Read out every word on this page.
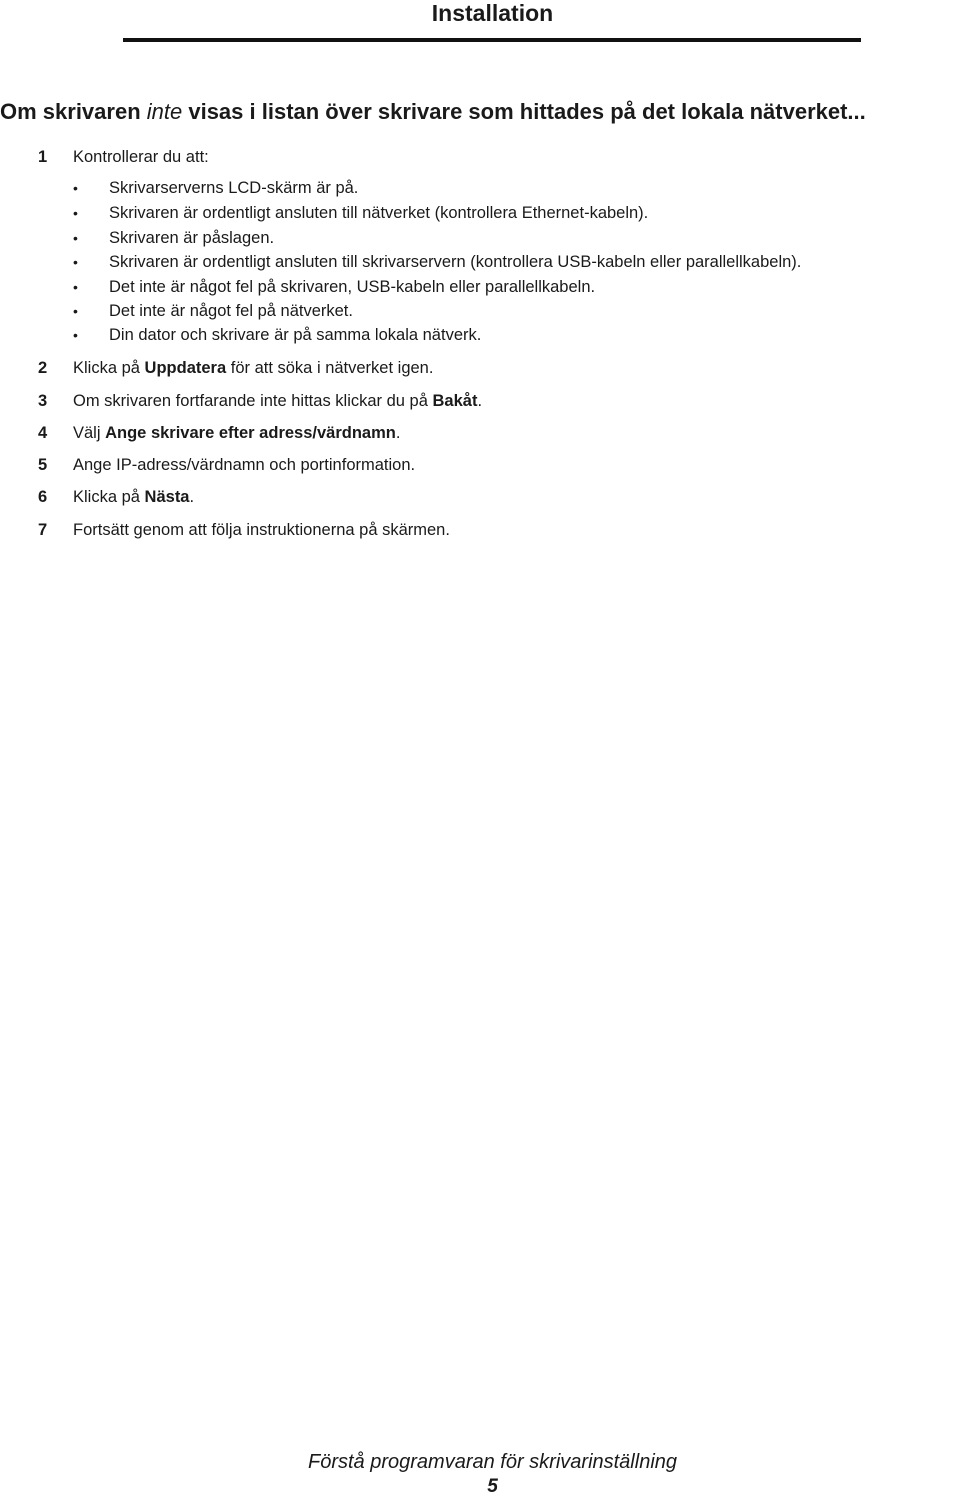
Installation
Om skrivaren inte visas i listan över skrivare som hittades på det lokala nätverket...
1 Kontrollerar du att:
• Skrivarserverns LCD-skärm är på.
• Skrivaren är ordentligt ansluten till nätverket (kontrollera Ethernet-kabeln).
• Skrivaren är påslagen.
• Skrivaren är ordentligt ansluten till skrivarservern (kontrollera USB-kabeln eller parallellkabeln).
• Det inte är något fel på skrivaren, USB-kabeln eller parallellkabeln.
• Det inte är något fel på nätverket.
• Din dator och skrivare är på samma lokala nätverk.
2 Klicka på Uppdatera för att söka i nätverket igen.
3 Om skrivaren fortfarande inte hittas klickar du på Bakåt.
4 Välj Ange skrivare efter adress/värdnamn.
5 Ange IP-adress/värdnamn och portinformation.
6 Klicka på Nästa.
7 Fortsätt genom att följa instruktionerna på skärmen.
Förstå programvaran för skrivarinställning
5
